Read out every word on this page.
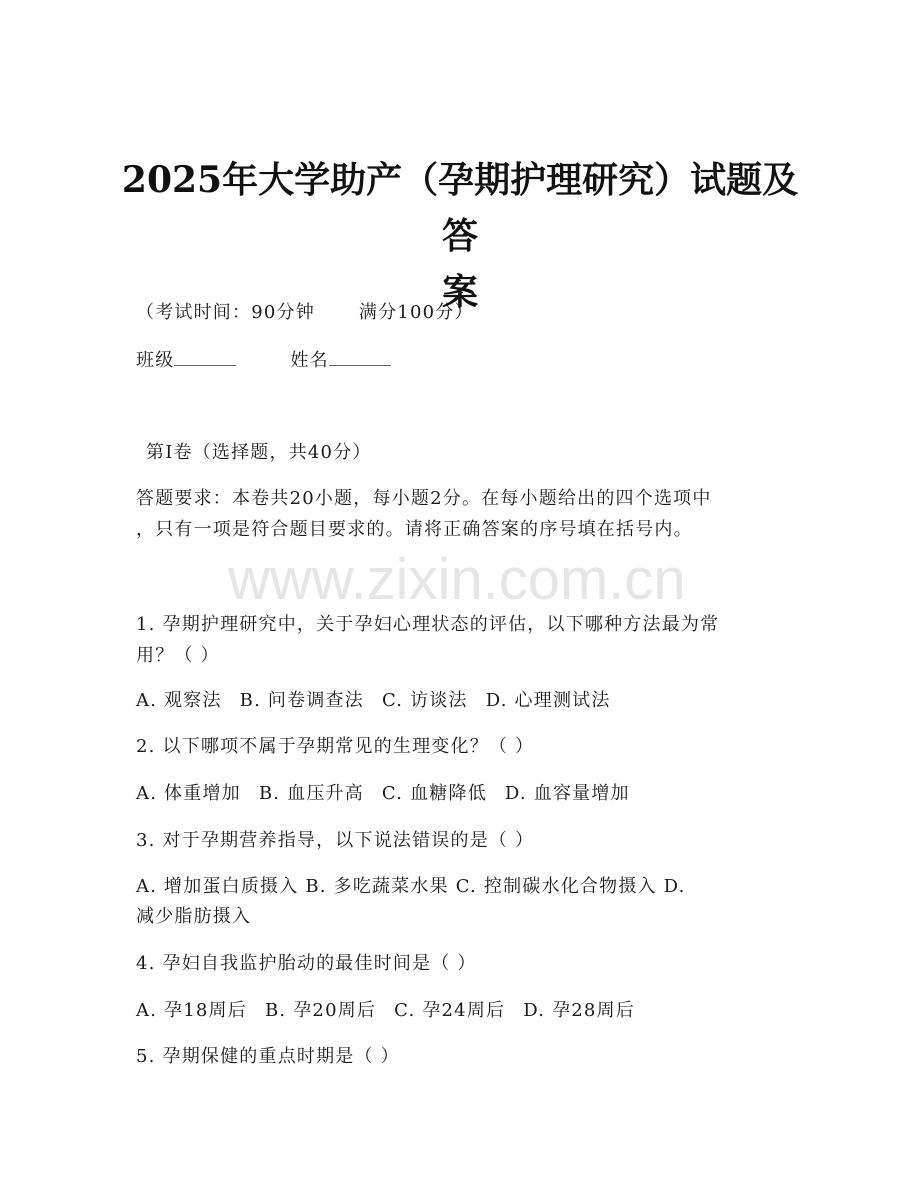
www.zixin.com.cn
2025年大学助产（孕期护理研究）试题及答
案
（考试时间：90分钟 满分100分）
班级	姓名
第Ⅰ卷（选择题，共40分）
答题要求：本卷共20小题，每小题2分。在每小题给出的四个选项中
，只有一项是符合题目要求的。请将正确答案的序号填在括号内。
1. 孕期护理研究中，关于孕妇心理状态的评估，以下哪种方法最为常
用？（ ）
A. 观察法 B. 问卷调查法 C. 访谈法 D. 心理测试法
2. 以下哪项不属于孕期常见的生理变化？（ ）
A. 体重增加 B. 血压升高 C. 血糖降低 D. 血容量增加
3. 对于孕期营养指导，以下说法错误的是（ ）
A. 增加蛋白质摄入 B. 多吃蔬菜水果 C. 控制碳水化合物摄入 D.
减少脂肪摄入
4. 孕妇自我监护胎动的最佳时间是（ ）
A. 孕18周后 B. 孕20周后 C. 孕24周后 D. 孕28周后
5. 孕期保健的重点时期是（ ）
